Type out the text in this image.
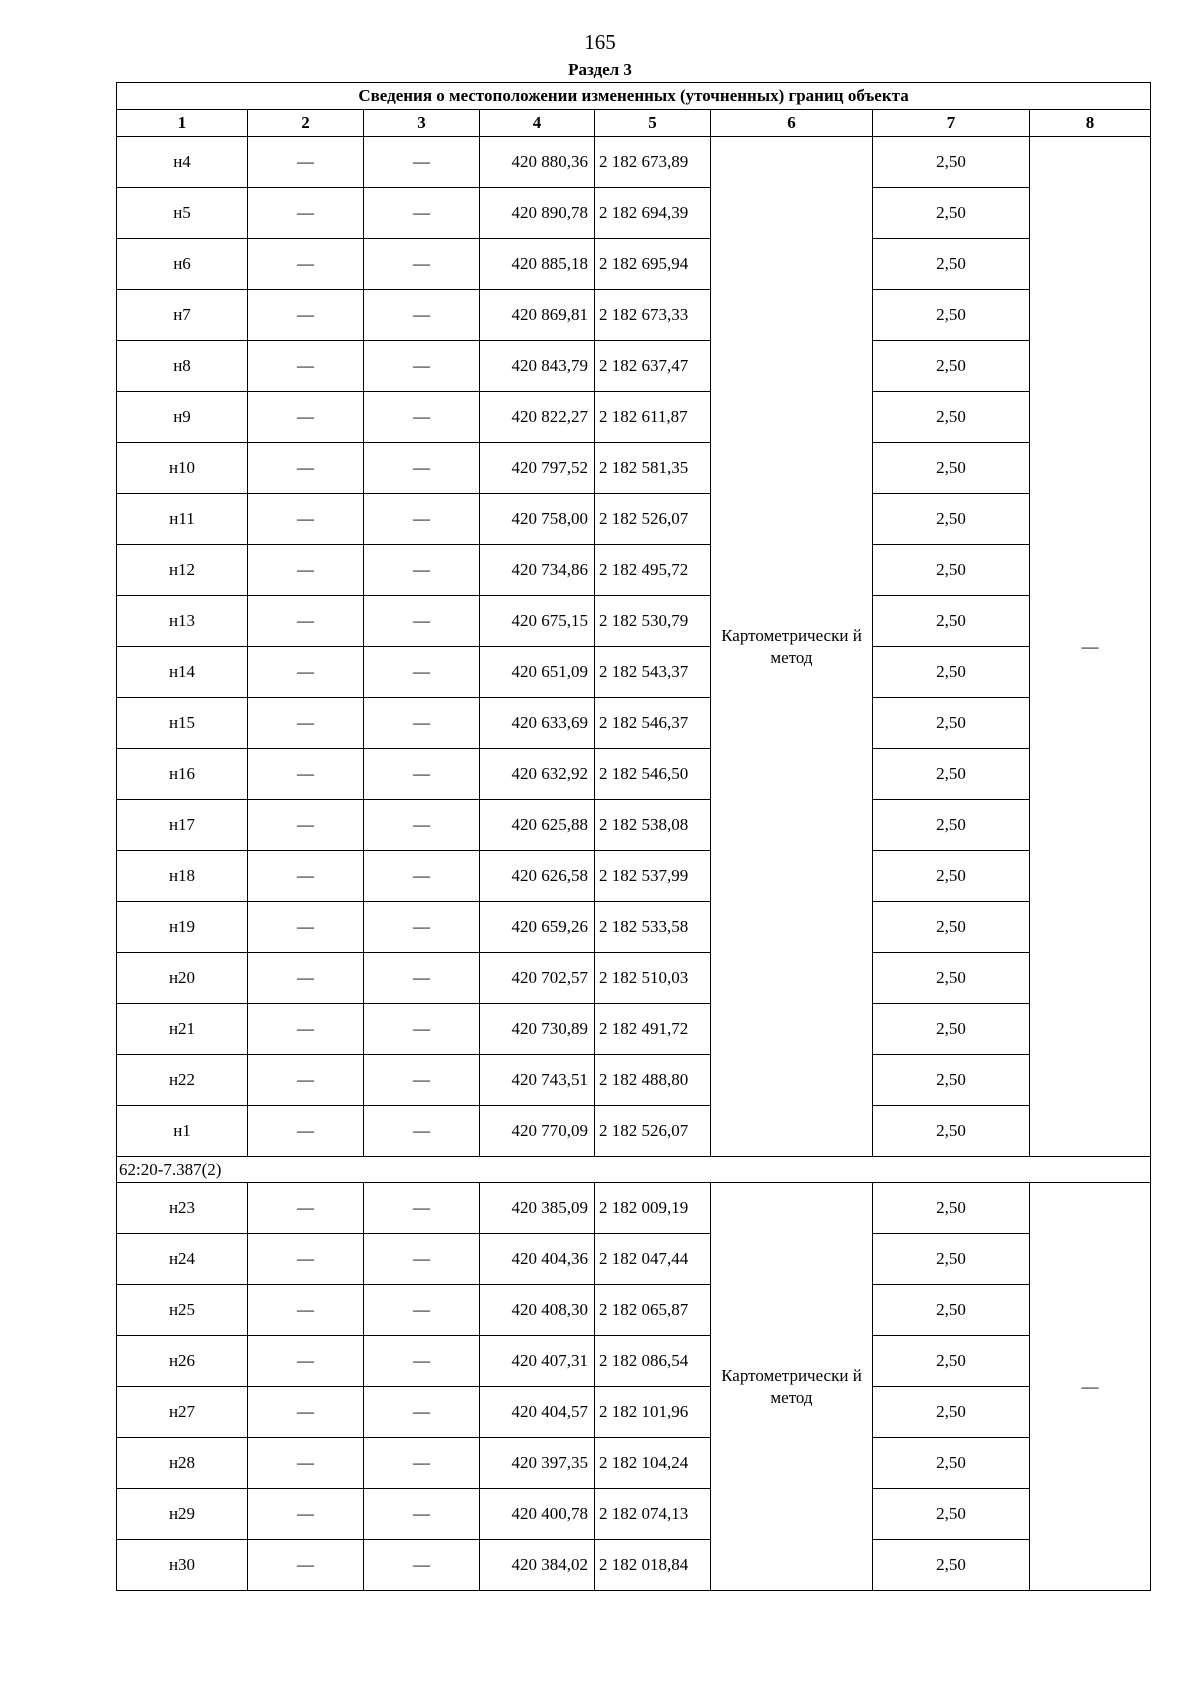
165
Раздел 3
Сведения о местоположении измененных (уточненных) границ объекта							
1	2	3	4	5	6	7	8
н4	—	—	420 880,36	2 182 673,89	Картометрически й метод	2,50	—
н5	—	—	420 890,78	2 182 694,39		2,50	
н6	—	—	420 885,18	2 182 695,94		2,50	
н7	—	—	420 869,81	2 182 673,33		2,50	
н8	—	—	420 843,79	2 182 637,47		2,50	
н9	—	—	420 822,27	2 182 611,87		2,50	
н10	—	—	420 797,52	2 182 581,35		2,50	
н11	—	—	420 758,00	2 182 526,07		2,50	
н12	—	—	420 734,86	2 182 495,72		2,50	
н13	—	—	420 675,15	2 182 530,79		2,50	
н14	—	—	420 651,09	2 182 543,37		2,50	
н15	—	—	420 633,69	2 182 546,37		2,50	
н16	—	—	420 632,92	2 182 546,50		2,50	
н17	—	—	420 625,88	2 182 538,08		2,50	
н18	—	—	420 626,58	2 182 537,99		2,50	
н19	—	—	420 659,26	2 182 533,58		2,50	
н20	—	—	420 702,57	2 182 510,03		2,50	
н21	—	—	420 730,89	2 182 491,72		2,50	
н22	—	—	420 743,51	2 182 488,80		2,50	
н1	—	—	420 770,09	2 182 526,07		2,50	
62:20-7.387(2)							
н23	—	—	420 385,09	2 182 009,19	Картометрически й метод	2,50	—
н24	—	—	420 404,36	2 182 047,44		2,50	
н25	—	—	420 408,30	2 182 065,87		2,50	
н26	—	—	420 407,31	2 182 086,54		2,50	
н27	—	—	420 404,57	2 182 101,96		2,50	
н28	—	—	420 397,35	2 182 104,24		2,50	
н29	—	—	420 400,78	2 182 074,13		2,50	
н30	—	—	420 384,02	2 182 018,84		2,50	
